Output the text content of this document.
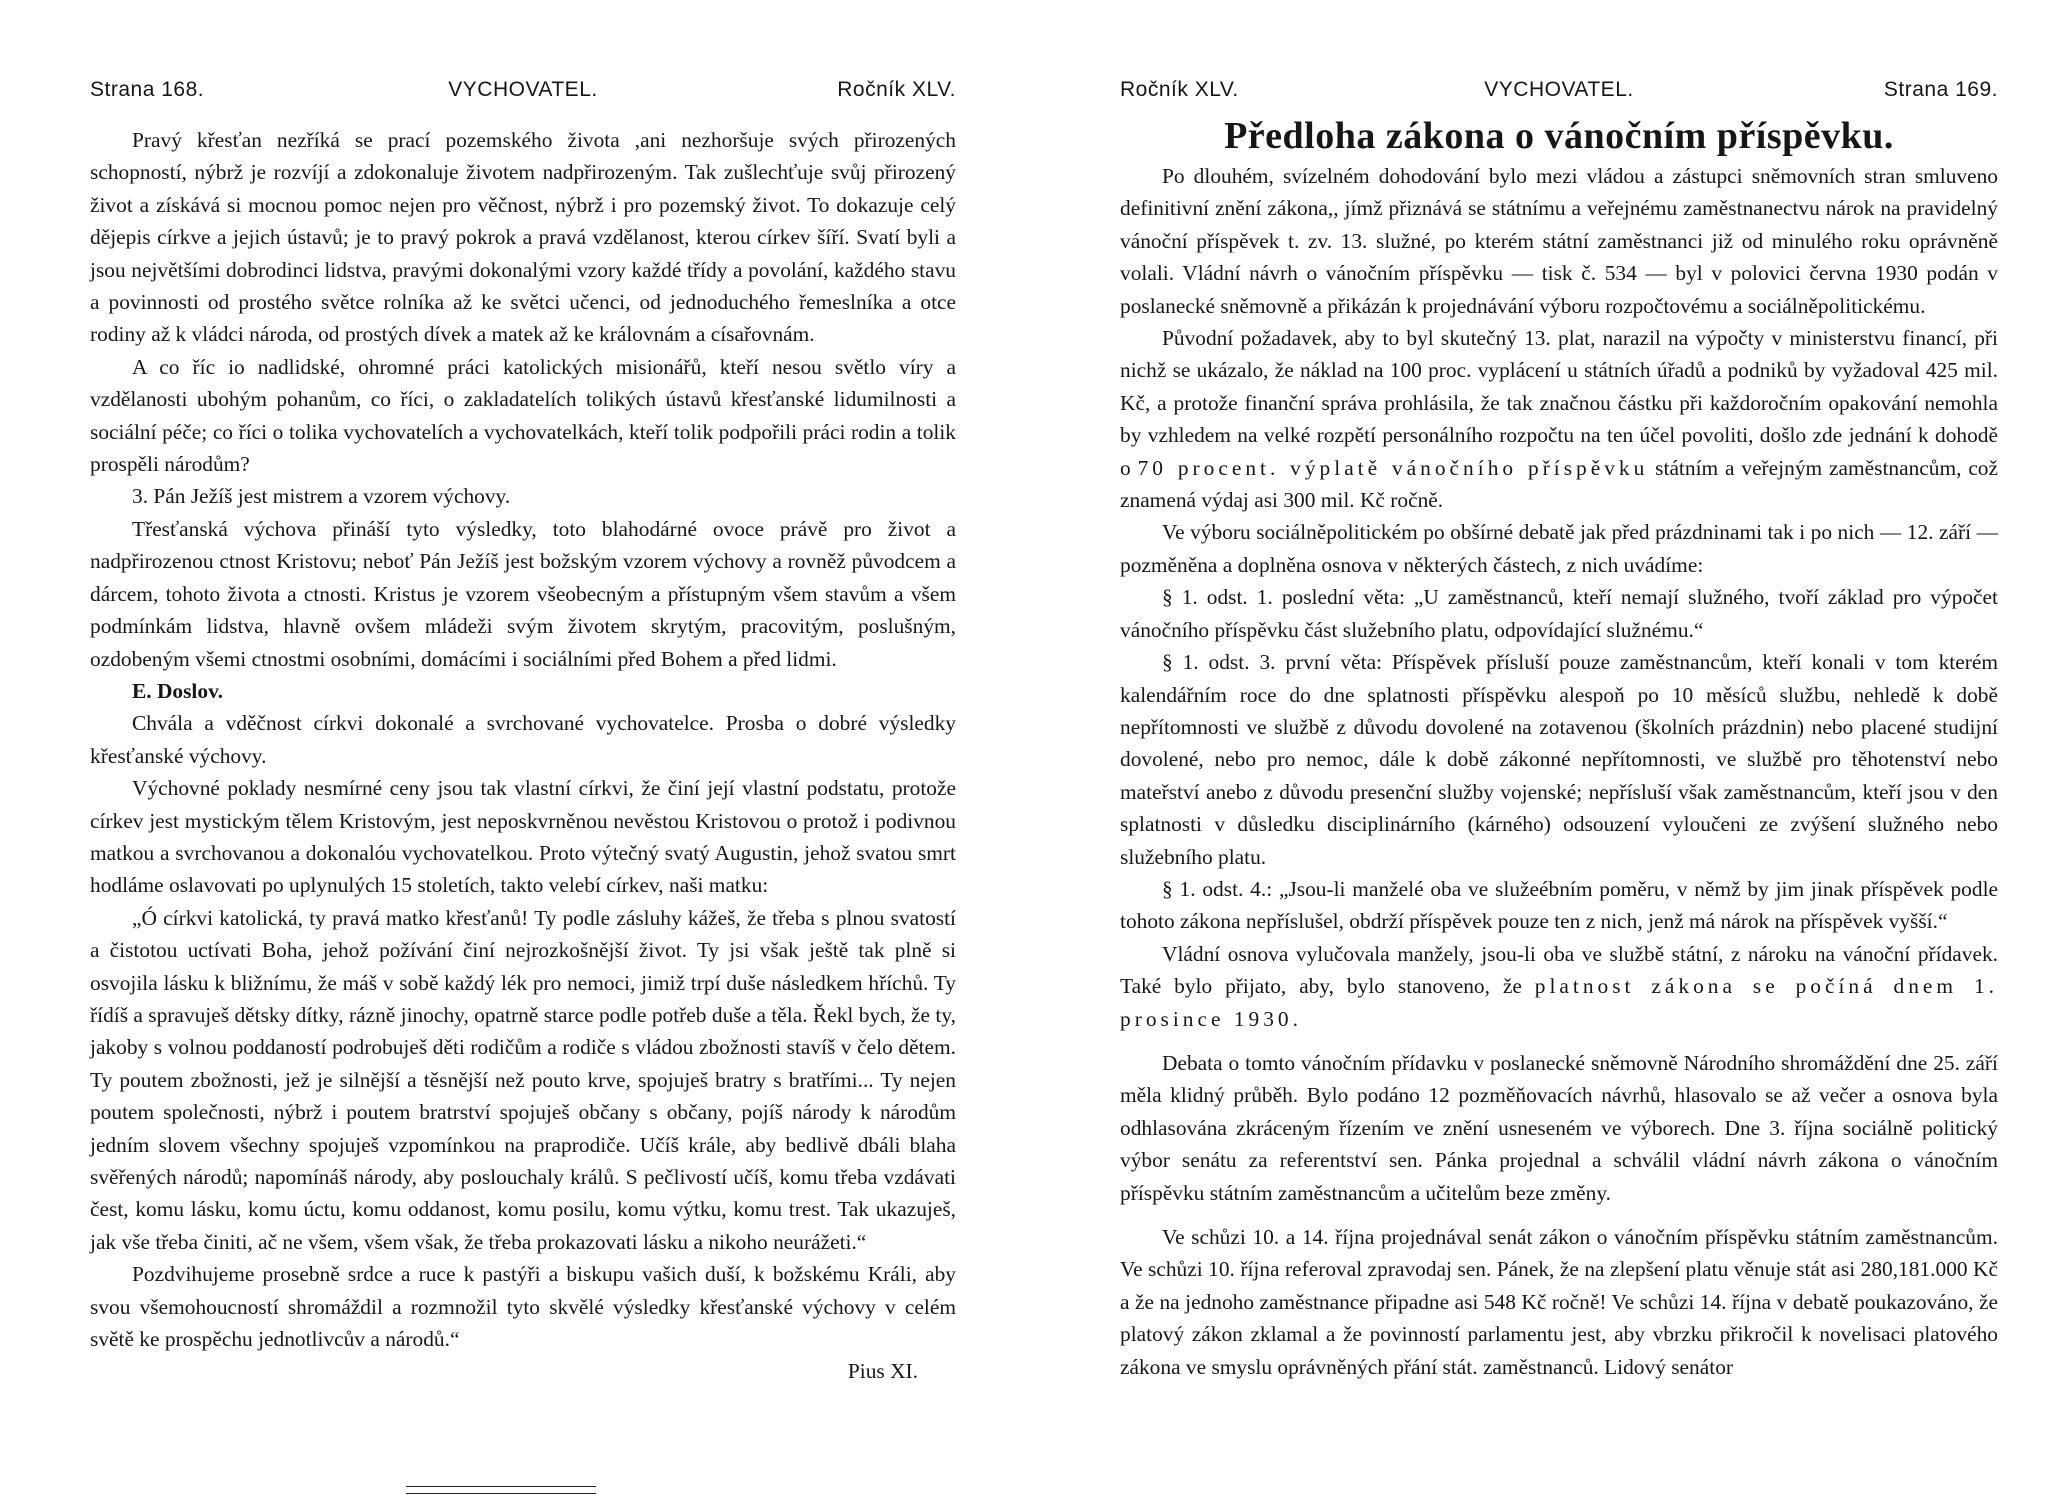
Strana 168.	VYCHOVATEL.	Ročník XLV.

Pravý křesťan nezříká se prací pozemského života ,ani nezhoršuje svých přirozených schopností, nýbrž je rozvíjí a zdokonaluje životem nadpřirozeným. Tak zušlechťuje svůj přirozený život a získává si mocnou pomoc nejen pro věčnost, nýbrž i pro pozemský život. To dokazuje celý dějepis církve a jejich ústavů; je to pravý pokrok a pravá vzdělanost, kterou církev šíří. Svatí byli a jsou největšími dobrodinci lidstva, pravými dokonalými vzory každé třídy a povolání, každého stavu a povinnosti od prostého světce rolníka až ke světci učenci, od jednoduchého řemeslníka a otce rodiny až k vládci národa, od prostých dívek a matek až ke královnám a císařovnám.

A co říc io nadlidské, ohromné práci katolických misionářů, kteří nesou světlo víry a vzdělanosti ubohým pohanům, co říci, o zakladatelích tolikých ústavů křesťanské lidumilnosti a sociální péče; co říci o tolika vychovatelích a vychovatelkách, kteří tolik podpořili práci rodin a tolik prospěli národům?

3. Pán Ježíš jest mistrem a vzorem výchovy.

Třesťanská výchova přináší tyto výsledky, toto blahodárné ovoce právě pro život a nadpřirozenou ctnost Kristovu; neboť Pán Ježíš jest božským vzorem výchovy a rovněž původcem a dárcem, tohoto života a ctnosti. Kristus je vzorem všeobecným a přístupným všem stavům a všem podmínkám lidstva, hlavně ovšem mládeži svým životem skrytým, pracovitým, poslušným, ozdobeným všemi ctnostmi osobními, domácími i sociálními před Bohem a před lidmi.

E. Doslov.

Chvála a vděčnost církvi dokonalé a svrchované vychovatelce. Prosba o dobré výsledky křesťanské výchovy.

Výchovné poklady nesmírné ceny jsou tak vlastní církvi, že činí její vlastní podstatu, protože církev jest mystickým tělem Kristovým, jest neposkvrněnou nevěstou Kristovou o protož i podivnou matkou a svrchovanou a dokonalóu vychovatelkou. Proto výtečný svatý Augustin, jehož svatou smrt hodláme oslavovati po uplynulých 15 stoletích, takto velebí církev, naši matku:

„Ó církvi katolická, ty pravá matko křesťanů! Ty podle zásluhy kážeš, že třeba s plnou svatostí a čistotou uctívati Boha, jehož požívání činí nejrozkošnější život. Ty jsi však ještě tak plně si osvojila lásku k bližnímu, že máš v sobě každý lék pro nemoci, jimiž trpí duše následkem hříchů. Ty řídíš a spravuješ dětsky dítky, rázně jinochy, opatrně starce podle potřeb duše a těla. Řekl bych, že ty, jakoby s volnou poddaností podrobuješ děti rodičům a rodiče s vládou zbožnosti stavíš v čelo dětem. Ty poutem zbožnosti, jež je silnější a těsnější než pouto krve, spojuješ bratry s bratřími... Ty nejen poutem společnosti, nýbrž i poutem bratrství spojuješ občany s občany, pojíš národy k národům jedním slovem všechny spojuješ vzpomínkou na praprodiče. Učíš krále, aby bedlivě dbáli blaha svěřených národů; napomínáš národy, aby poslouchaly králů. S pečlivostí učíš, komu třeba vzdávati čest, komu lásku, komu úctu, komu oddanost, komu posilu, komu výtku, komu trest. Tak ukazuješ, jak vše třeba činiti, ač ne všem, všem však, že třeba prokazovati lásku a nikoho neurážeti.“

Pozdvihujeme prosebně srdce a ruce k pastýři a biskupu vašich duší, k božskému Králi, aby svou všemohoucností shromáždil a rozmnožil tyto skvělé výsledky křesťanské výchovy v celém světě ke prospěchu jednotlivcův a národů.“

Pius XI.

Ročník XLV.	VYCHOVATEL.	Strana 169.
Předloha zákona o vánočním příspěvku.

Po dlouhém, svízelném dohodování bylo mezi vládou a zástupci sněmovních stran smluveno definitivní znění zákona,, jímž přiznává se státnímu a veřejnému zaměstnanectvu nárok na pravidelný vánoční příspěvek t. zv. 13. služné, po kterém státní zaměstnanci již od minulého roku oprávněně volali. Vládní návrh o vánočním příspěvku — tisk č. 534 — byl v polovici června 1930 podán v poslanecké sněmovně a přikázán k projednávání výboru rozpočtovému a sociálněpolitickému.

Původní požadavek, aby to byl skutečný 13. plat, narazil na výpočty v ministerstvu financí, při nichž se ukázalo, že náklad na 100 proc. vyplácení u státních úřadů a podniků by vyžadoval 425 mil. Kč, a protože finanční správa prohlásila, že tak značnou částku při každoročním opakování nemohla by vzhledem na velké rozpětí personálního rozpočtu na ten účel povoliti, došlo zde jednání k dohodě o 70 procent. výplatě vánočního příspěvku státním a veřejným zaměstnancům, což znamená výdaj asi 300 mil. Kč ročně.

Ve výboru sociálněpolitickém po obšírné debatě jak před prázdninami tak i po nich — 12. září — pozměněna a doplněna osnova v některých částech, z nich uvádíme:

§ 1. odst. 1. poslední věta: „U zaměstnanců, kteří nemají služného, tvoří základ pro výpočet vánočního příspěvku část služebního platu, odpovídající služnému.“

§ 1. odst. 3. první věta: Příspěvek přísluší pouze zaměstnancům, kteří konali v tom kterém kalendářním roce do dne splatnosti příspěvku alespoň po 10 měsíců službu, nehledě k době nepřítomnosti ve službě z důvodu dovolené na zotavenou (školních prázdnin) nebo placené studijní dovolené, nebo pro nemoc, dále k době zákonné nepřítomnosti, ve službě pro těhotenství nebo mateřství anebo z důvodu presenční služby vojenské; nepřísluší však zaměstnancům, kteří jsou v den splatnosti v důsledku disciplinárního (kárného) odsouzení vyloučeni ze zvýšení služného nebo služebního platu.

§ 1. odst. 4.: „Jsou-li manželé oba ve služeébním poměru, v němž by jim jinak příspěvek podle tohoto zákona nepříslušel, obdrží příspěvek pouze ten z nich, jenž má nárok na příspěvek vyšší.“

Vládní osnova vylučovala manžely, jsou-li oba ve službě státní, z nároku na vánoční přídavek. Také bylo přijato, aby, bylo stanoveno, že platnost zákona se počíná dnem 1. prosince 1930.

Debata o tomto vánočním přídavku v poslanecké sněmovně Národního shromáždění dne 25. září měla klidný průběh. Bylo podáno 12 pozměňovacích návrhů, hlasovalo se až večer a osnova byla odhlasována zkráceným řízením ve znění usneseném ve výborech. Dne 3. října sociálně politický výbor senátu za referentství sen. Pánka projednal a schválil vládní návrh zákona o vánočním příspěvku státním zaměstnancům a učitelům beze změny.

Ve schůzi 10. a 14. října projednával senát zákon o vánočním příspěvku státním zaměstnancům. Ve schůzi 10. října referoval zpravodaj sen. Pánek, že na zlepšení platu věnuje stát asi 280,181.000 Kč a že na jednoho zaměstnance připadne asi 548 Kč ročně! Ve schůzi 14. října v debatě poukazováno, že platový zákon zklamal a že povinností parlamentu jest, aby vbrzku přikročil k novelisaci platového zákona ve smyslu oprávněných přání stát. zaměstnanců. Lidový senátor
